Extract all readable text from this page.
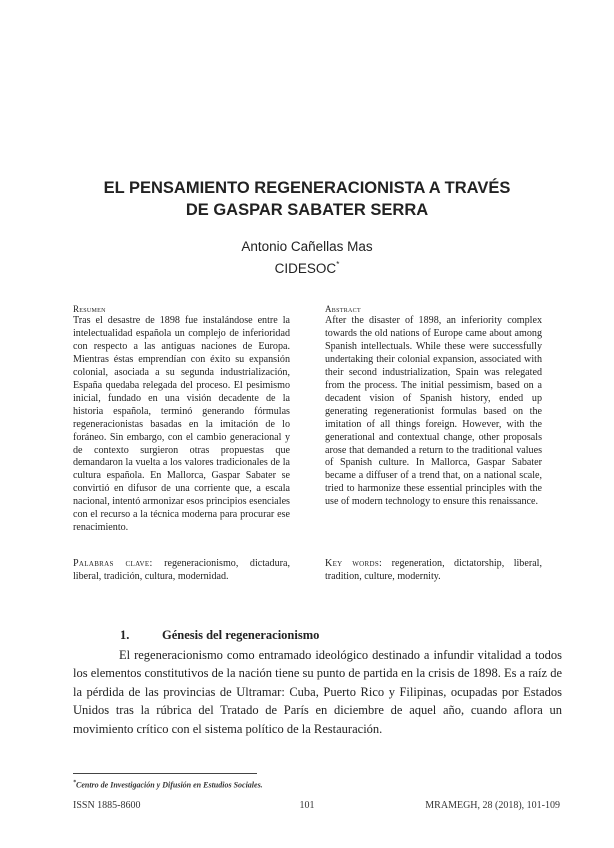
EL PENSAMIENTO REGENERACIONISTA A TRAVÉS
DE GASPAR SABATER SERRA
Antonio Cañellas Mas
CIDESOC*
Resumen
Tras el desastre de 1898 fue instalándose entre la intelectualidad española un complejo de inferioridad con respecto a las antiguas naciones de Europa. Mientras éstas emprendían con éxito su expansión colonial, asociada a su segunda industrialización, España quedaba relegada del proceso. El pesimismo inicial, fundado en una visión decadente de la historia española, terminó generando fórmulas regeneracionistas basadas en la imitación de lo foráneo. Sin embargo, con el cambio generacional y de contexto surgieron otras propuestas que demandaron la vuelta a los valores tradicionales de la cultura española. En Mallorca, Gaspar Sabater se convirtió en difusor de una corriente que, a escala nacional, intentó armonizar esos principios esenciales con el recurso a la técnica moderna para procurar ese renacimiento.
Abstract
After the disaster of 1898, an inferiority complex towards the old nations of Europe came about among Spanish intellectuals. While these were successfully undertaking their colonial expansion, associated with their second industrialization, Spain was relegated from the process. The initial pessimism, based on a decadent vision of Spanish history, ended up generating regenerationist formulas based on the imitation of all things foreign. However, with the generational and contextual change, other proposals arose that demanded a return to the traditional values of Spanish culture. In Mallorca, Gaspar Sabater became a diffuser of a trend that, on a national scale, tried to harmonize these essential principles with the use of modern technology to ensure this renaissance.
Palabras clave: regeneracionismo, dictadura, liberal, tradición, cultura, modernidad.
Key words: regeneration, dictatorship, liberal, tradition, culture, modernity.
1.	Génesis del regeneracionismo
El regeneracionismo como entramado ideológico destinado a infundir vitalidad a todos los elementos constitutivos de la nación tiene su punto de partida en la crisis de 1898. Es a raíz de la pérdida de las provincias de Ultramar: Cuba, Puerto Rico y Filipinas, ocupadas por Estados Unidos tras la rúbrica del Tratado de París en diciembre de aquel año, cuando aflora un movimiento crítico con el sistema político de la Restauración.
*Centro de Investigación y Difusión en Estudios Sociales.
ISSN 1885-8600	101	MRAMEGH, 28 (2018), 101-109
